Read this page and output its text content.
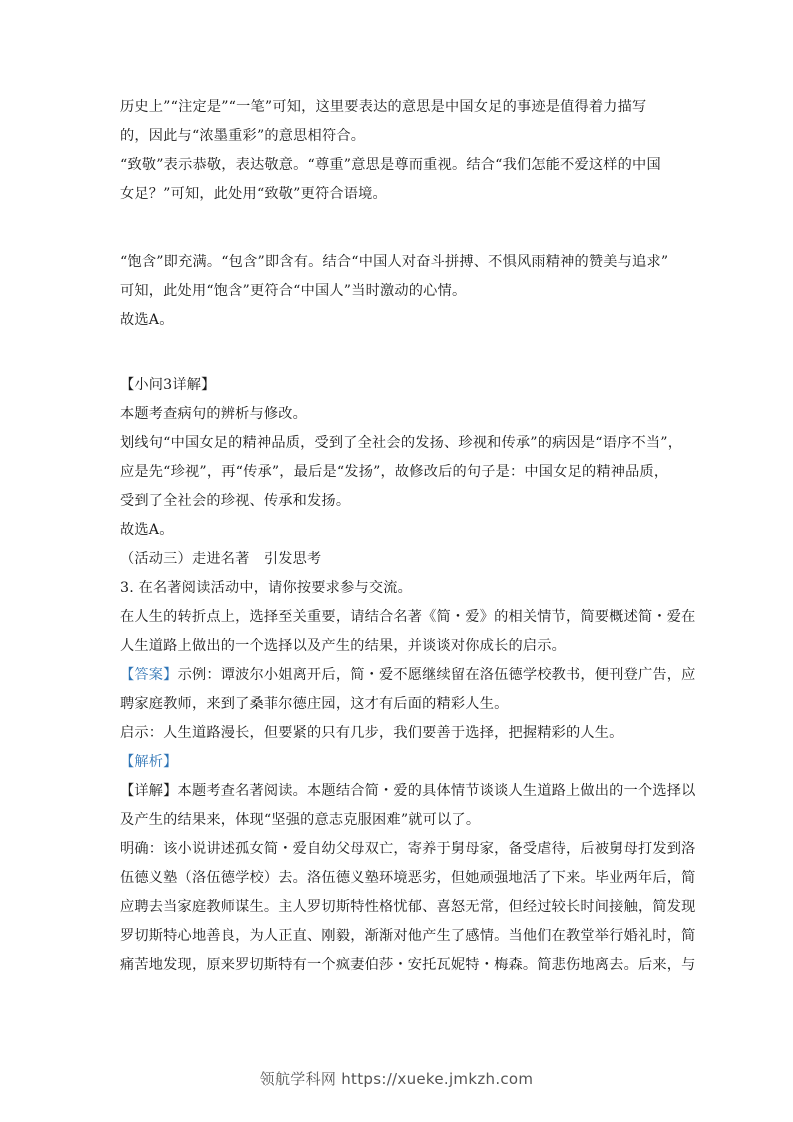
历史上”“注定是”“一笔”可知，这里要表达的意思是中国女足的事迹是值得着力描写
的，因此与“浓墨重彩”的意思相符合。
“致敬”表示恭敬，表达敬意。“尊重”意思是尊而重视。结合“我们怎能不爱这样的中国
女足？”可知，此处用“致敬”更符合语境。
“饱含”即充满。“包含”即含有。结合“中国人对奋斗拼搏、不惧风雨精神的赞美与追求”
可知，此处用“饱含”更符合“中国人”当时激动的心情。
故选A。
【小问3详解】
本题考查病句的辨析与修改。
划线句“中国女足的精神品质，受到了全社会的发扬、珍视和传承”的病因是“语序不当”，
应是先“珍视”，再“传承”，最后是“发扬”，故修改后的句子是：中国女足的精神品质，
受到了全社会的珍视、传承和发扬。
故选A。
（活动三）走进名著　引发思考
3. 在名著阅读活动中，请你按要求参与交流。
在人生的转折点上，选择至关重要，请结合名著《简・爱》的相关情节，简要概述简・爱在
人生道路上做出的一个选择以及产生的结果，并谈谈对你成长的启示。
【答案】示例：谭波尔小姐离开后，简・爱不愿继续留在洛伍德学校教书，便刊登广告，应
聘家庭教师，来到了桑菲尔德庄园，这才有后面的精彩人生。
启示：人生道路漫长，但要紧的只有几步，我们要善于选择，把握精彩的人生。
【解析】
【详解】本题考查名著阅读。本题结合简・爱的具体情节谈谈人生道路上做出的一个选择以
及产生的结果来，体现“坚强的意志克服困难”就可以了。
明确：该小说讲述孤女简・爱自幼父母双亡，寄养于舅母家，备受虐待，后被舅母打发到洛
伍德义塾（洛伍德学校）去。洛伍德义塾环境恶劣，但她顽强地活了下来。毕业两年后，简
应聘去当家庭教师谋生。主人罗切斯特性格忧郁、喜怒无常，但经过较长时间接触，简发现
罗切斯特心地善良，为人正直、刚毅，渐渐对他产生了感情。当他们在教堂举行婚礼时，简
痛苦地发现，原来罗切斯特有一个疯妻伯莎・安托瓦妮特・梅森。简悲伤地离去。后来，与
领航学科网 https://xueke.jmkzh.com
